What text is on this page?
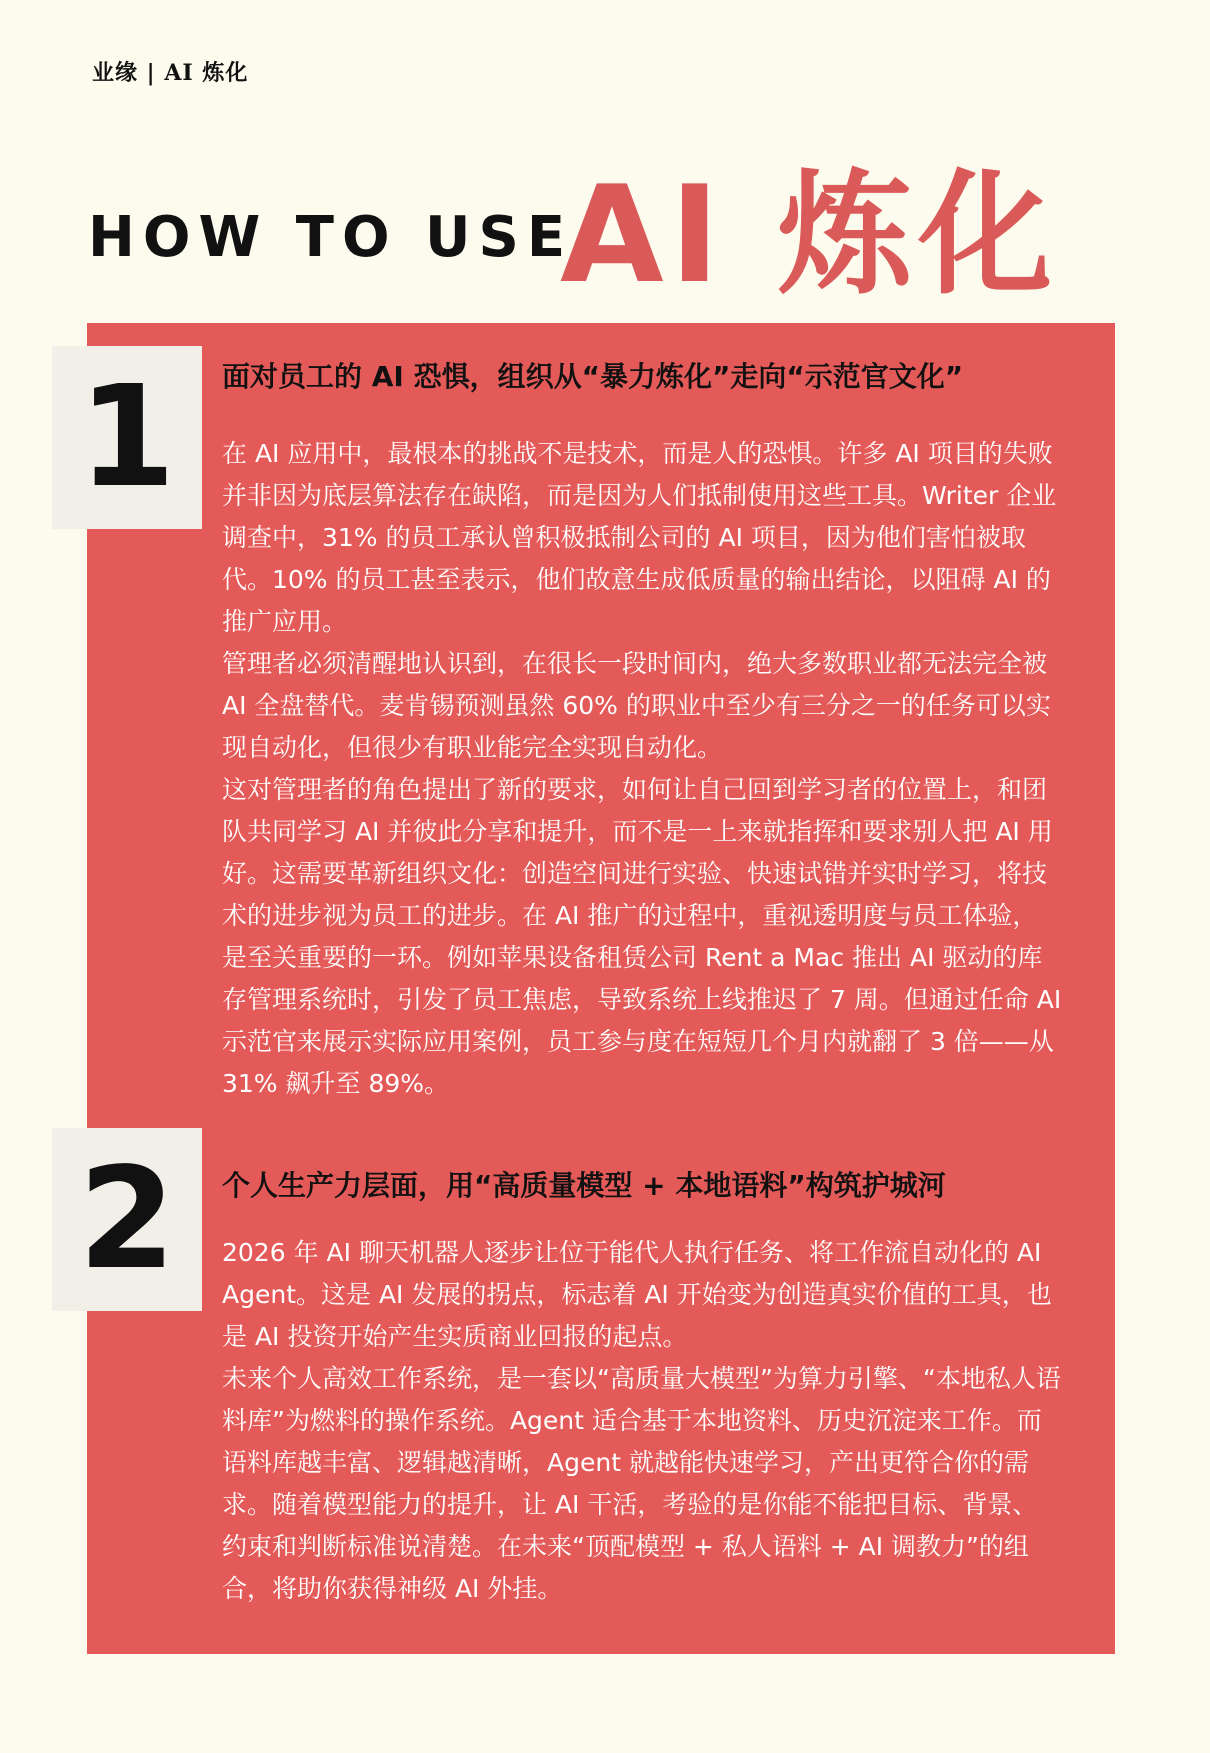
业缘 | AI 炼化
HOW TO USE
AI 炼化
1	面对员工的 AI 恐惧，组织从“暴力炼化”走向“示范官文化”

在 AI 应用中，最根本的挑战不是技术，而是人的恐惧。许多 AI 项目的失败并非因为底层算法存在缺陷，而是因为人们抵制使用这些工具。Writer 企业调查中，31% 的员工承认曾积极抵制公司的 AI 项目，因为他们害怕被取代。10% 的员工甚至表示，他们故意生成低质量的输出结论，以阻碍 AI 的推广应用。

管理者必须清醒地认识到，在很长一段时间内，绝大多数职业都无法完全被 AI 全盘替代。麦肯锡预测虽然 60% 的职业中至少有三分之一的任务可以实现自动化，但很少有职业能完全实现自动化。

这对管理者的角色提出了新的要求，如何让自己回到学习者的位置上，和团队共同学习 AI 并彼此分享和提升，而不是一上来就指挥和要求别人把 AI 用好。这需要革新组织文化：创造空间进行实验、快速试错并实时学习，将技术的进步视为员工的进步。在 AI 推广的过程中，重视透明度与员工体验，是至关重要的一环。例如苹果设备租赁公司 Rent a Mac 推出 AI 驱动的库存管理系统时，引发了员工焦虑，导致系统上线推迟了 7 周。但通过任命 AI 示范官来展示实际应用案例，员工参与度在短短几个月内就翻了 3 倍——从 31% 飙升至 89%。

2	个人生产力层面，用“高质量模型 + 本地语料”构筑护城河

2026 年 AI 聊天机器人逐步让位于能代人执行任务、将工作流自动化的 AI Agent。这是 AI 发展的拐点，标志着 AI 开始变为创造真实价值的工具，也是 AI 投资开始产生实质商业回报的起点。

未来个人高效工作系统，是一套以“高质量大模型”为算力引擎、“本地私人语料库”为燃料的操作系统。Agent 适合基于本地资料、历史沉淀来工作。而语料库越丰富、逻辑越清晰，Agent 就越能快速学习，产出更符合你的需求。随着模型能力的提升，让 AI 干活，考验的是你能不能把目标、背景、约束和判断标准说清楚。在未来“顶配模型 + 私人语料 + AI 调教力”的组合，将助你获得神级 AI 外挂。
